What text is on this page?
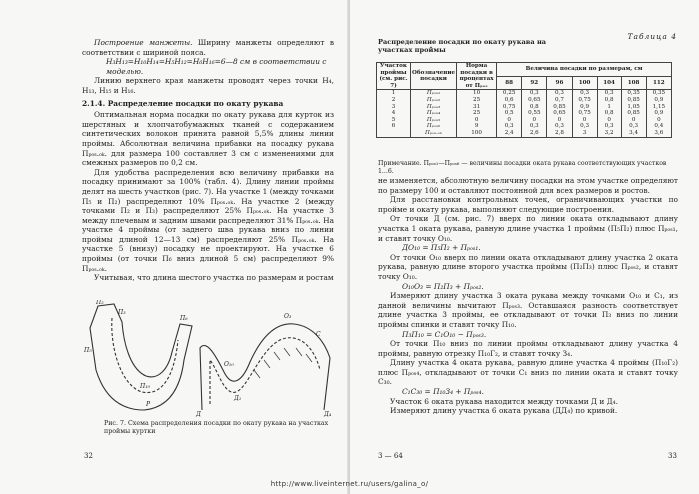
Построение манжеты. Ширину манжеты определяют в соответствии с шириной пояса.

Н₃Н₁₃=Н₁₀Н₁₄=Н₅Н₁₂=Н₆Н₁₆=6—8 см в соответствии с моделью.

Линию верхнего края манжеты проводят через точки Н₄, Н₁₃, Н₁₅ и Н₁₆.

2.1.4. Распределение посадки по окату рукава

Оптимальная норма посадки по окату рукава для курток из шерстяных и хлопчатобумажных тканей с содержанием синтетических волокон принята равной 5,5% длины линии проймы. Абсолютная величина прибавки на посадку рукава Пₚₒₛ.ₒₖ. для размера 100 составляет 3 см с изменениями для смежных размеров по 0,2 см.

Для удобства распределения всю величину прибавки на посадку принимают за 100% (табл. 4). Длину линии проймы делят на шесть участков (рис. 7). На участке 1 (между точками П₅ и П₂) распределяют 10% Пₚₒₛ.ₒₖ. На участке 2 (между точками П₂ и П₃) распределяют 25% Пₚₒₛ.ₒₖ. На участке 3 между плечевым и задним швами распределяют 31% Пₚₒₛ.ₒₖ. На участке 4 проймы (от заднего шва рукава вниз по линии проймы длиной 12—13 см) распределяют 25% Пₚₒₛ.ₒₖ. На участке 5 (внизу) посадку не проектируют. На участке 6 проймы (от точки П₆ вниз длиной 5 см) распределяют 9% Пₚₒₛ.ₒₖ.

Учитывая, что длина шестого участка по размерам и ростам

П₂
П₃
П₅
П₆
П₁₀
О₁₀
О₃
Д
Д₁
Д₄
Р
С
Рис. 7. Схема распределения посадки по окату рукава на участках проймы куртки
32
Таблица 4
Распределение посадки по окату рукава на участках проймы
Участок проймы (см. рис. 7)	Обозначение посадки	Норма посадки в процентах от Пₚₒₛ	Величина посадки по размерам, см						
			88	92	96	100	104	108	112
1	Пₚₒₛ₁	10	0,25	0,3	0,3	0,3	0,3	0,35	0,35
2	Пₚₒₛ₂	25	0,6	0,65	0,7	0,75	0,8	0,85	0,9
3	Пₚₒₛ₃	31	0,75	0,8	0,85	0,9	1	1,05	1,15
4	Пₚₒₛ₄	25	0,5	0,55	0,65	0,75	0,8	0,85	0,9
5	Пₚₒₛ₅	0	0	0	0	0	0	0	0
6	Пₚₒₛ₆	9	0,3	0,3	0,3	0,3	0,3	0,3	0,4
	Пₚₒₛ.ₒₖ	100	2,4	2,6	2,8	3	3,2	3,4	3,6
Примечание. Пₚₒₛ₁—Пₚₒₛ₆ — величины посадки оката рукава соответствующих участков 1...6.

не изменяется, абсолютную величину посадки на этом участке определяют по размеру 100 и оставляют постоянной для всех размеров и ростов.

Для расстановки контрольных точек, ограничивающих участки по пройме и окату рукава, выполняют следующие построения.

От точки Д (см. рис. 7) вверх по линии оката откладывают длину участка 1 оката рукава, равную длине участка 1 проймы (П₅П₂) плюс Пₚₒₛ₁, и ставят точку О₁₀.

ДО₁₀ = П₅П₂ + Пₚₒₛ₁.

От точки О₁₀ вверх по линии оката откладывают длину участка 2 оката рукава, равную длине второго участка проймы (П₂П₃) плюс Пₚₒₛ₂, и ставят точку О₁₀.

О₁₀О₃ = П₂П₃ + Пₚₒₛ₂.

Измеряют длину участка 3 оката рукава между точками О₁₀ и С₁, из данной величины вычитают Пₚₒₛ₃. Оставшаяся разность соответствует длине участка 3 проймы, ее откладывают от точки П₃ вниз по линии проймы спинки и ставят точку П₁₀.

П₃П₁₀ = С₁О₁₀ − Пₚₒₛ₃.

От точки П₁₀ вниз по линии проймы откладывают длину участка 4 проймы, равную отрезку П₁₀Г₂, и ставят точку З₄.

Длину участка 4 оката рукава, равную длине участка 4 проймы (П₁₀Г₂) плюс Пₚₒₛ₄, откладывают от точки С₁ вниз по линии оката и ставят точку С₃₀.

С₁С₃₀ = П₁₀З₄ + Пₚₒₛ₄.

Участок 6 оката рукава находится между точками Д и Д₄.

Измеряют длину участка 6 оката рукава (ДД₄) по кривой.

3 — 64	33
http://www.liveinternet.ru/users/galina_o/
